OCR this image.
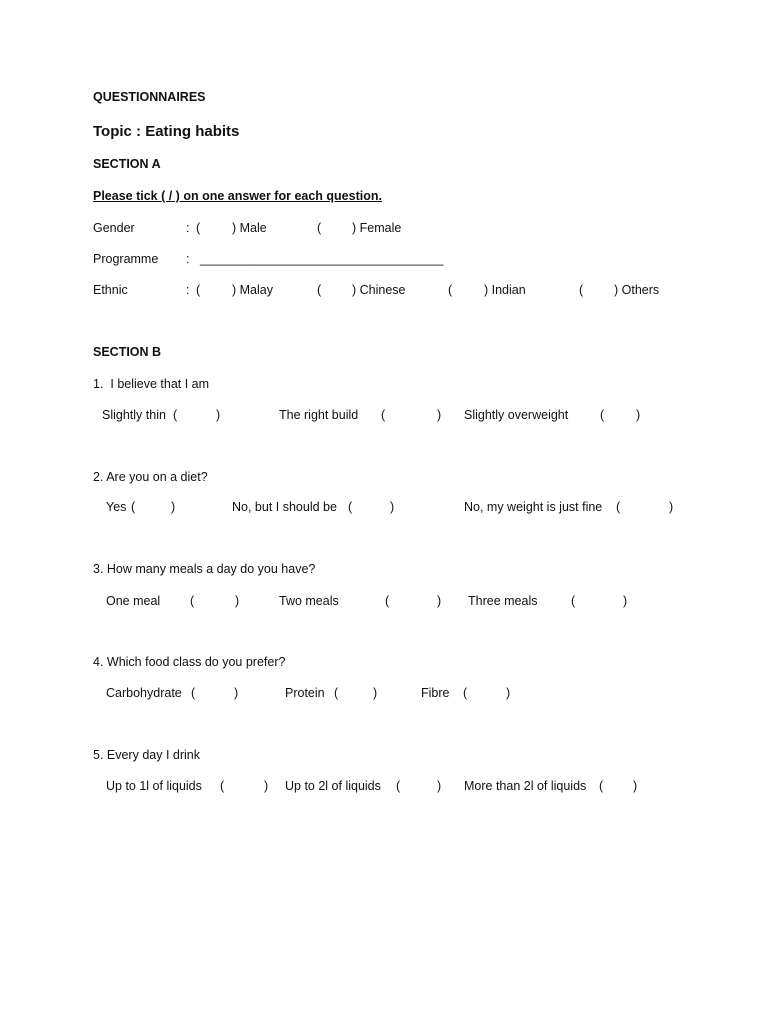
QUESTIONNAIRES
Topic : Eating habits
SECTION A
Please tick ( / ) on one answer for each question.
Gender	: (	) Male	( ) Female
Programme : ___________________________________
Ethnic	: (	) Malay	( ) Chinese	(	) Indian	( ) Others
SECTION B
1.  I believe that I am
Slightly thin (	)	The right build (	) Slightly overweight	(	)
2. Are you on a diet?
Yes (	)	No, but I should be (	)	No, my weight is just fine (	)
3. How many meals a day do you have?
One meal (	)	Two meals	(	) Three meals	(	)
4. Which food class do you prefer?
Carbohydrate (	)	Protein (	)	Fibre (	)
5. Every day I drink
Up to 1l of liquids (	) Up to 2l of liquids (	) More than 2l of liquids ( )
